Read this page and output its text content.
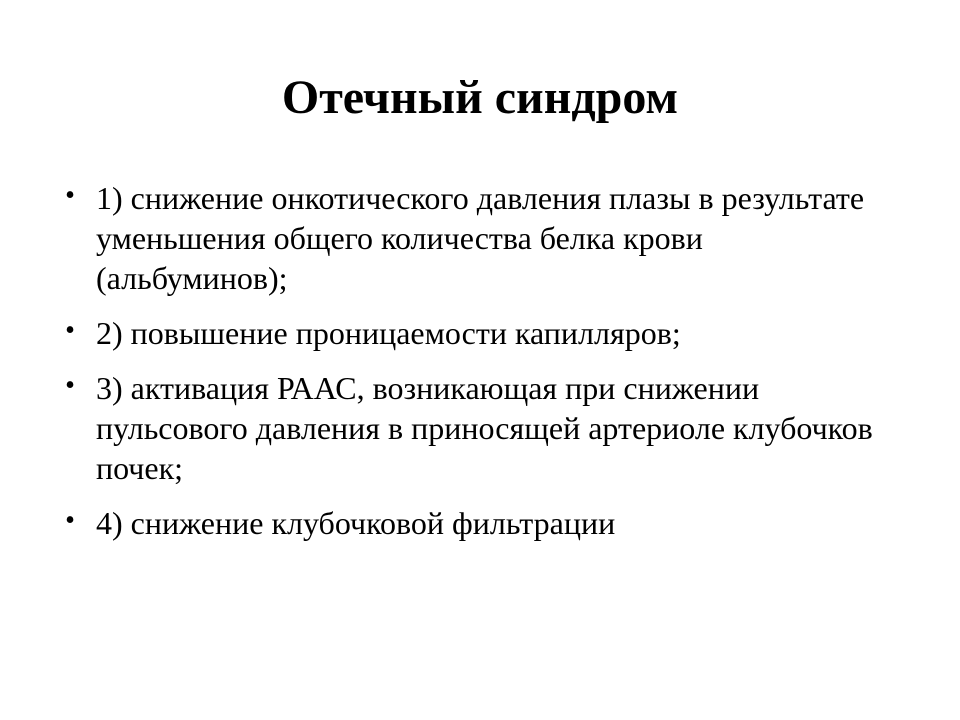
Отечный синдром
• 1) снижение онкотического давления плазы в результате уменьшения общего количества белка крови (альбуминов);
• 2) повышение проницаемости капилляров;
• 3) активация РААС, возникающая при снижении пульсового давления в приносящей артериоле клубочков почек;
• 4) снижение клубочковой фильтрации
